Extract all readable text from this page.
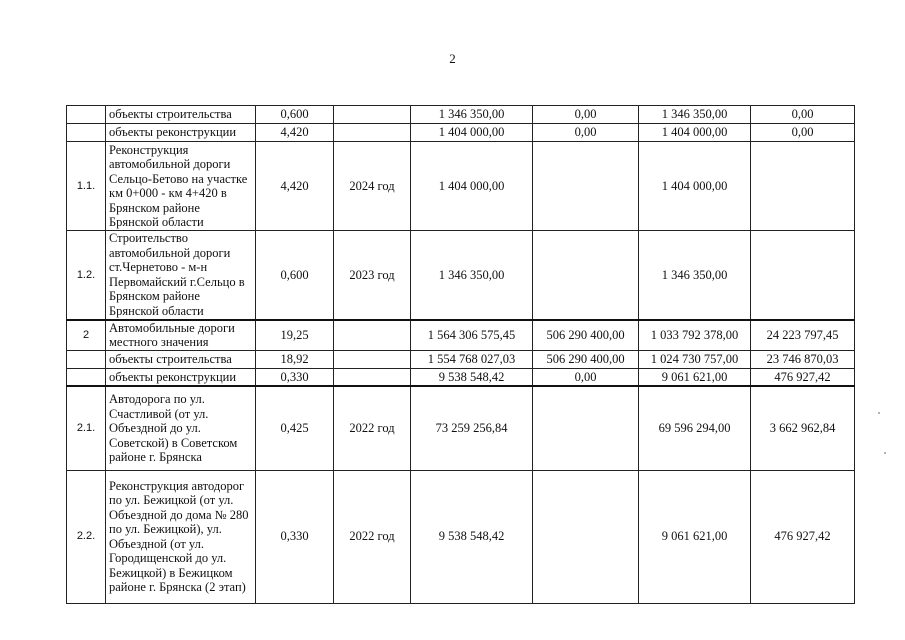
2
	объекты строительства	0,600		1 346 350,00	0,00	1 346 350,00	0,00
	объекты реконструкции	4,420		1 404 000,00	0,00	1 404 000,00	0,00
1.1.	Реконструкция автомобильной дороги Сельцо-Бетово на участке км 0+000 - км 4+420 в Брянском районе Брянской области	4,420	2024 год	1 404 000,00		1 404 000,00	
1.2.	Строительство автомобильной дороги ст.Чернетово - м-н Первомайский г.Сельцо в Брянском районе Брянской области	0,600	2023 год	1 346 350,00		1 346 350,00	
2	Автомобильные дороги местного значения	19,25		1 564 306 575,45	506 290 400,00	1 033 792 378,00	24 223 797,45
	объекты строительства	18,92		1 554 768 027,03	506 290 400,00	1 024 730 757,00	23 746 870,03
	объекты реконструкции	0,330		9 538 548,42	0,00	9 061 621,00	476 927,42
2.1.	Автодорога по ул. Счастливой (от ул. Объездной до ул. Советской) в Советском районе г. Брянска	0,425	2022 год	73 259 256,84		69 596 294,00	3 662 962,84
2.2.	Реконструкция автодорог по ул. Бежицкой (от ул. Объездной до дома № 280 по ул. Бежицкой), ул. Объездной (от ул. Городищенской до ул. Бежицкой) в Бежицком районе г. Брянска (2 этап)	0,330	2022 год	9 538 548,42		9 061 621,00	476 927,42
